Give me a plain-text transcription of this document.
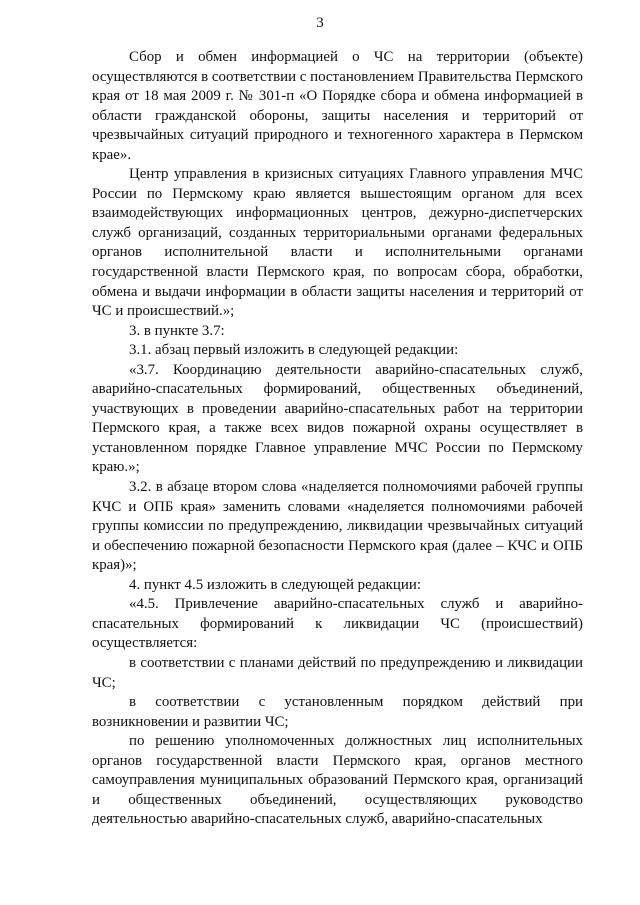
3

Сбор и обмен информацией о ЧС на территории (объекте) осуществляются в соответствии с постановлением Правительства Пермского края от 18 мая 2009 г. № 301-п «О Порядке сбора и обмена информацией в области гражданской обороны, защиты населения и территорий от чрезвычайных ситуаций природного и техногенного характера в Пермском крае».

Центр управления в кризисных ситуациях Главного управления МЧС России по Пермскому краю является вышестоящим органом для всех взаимодействующих информационных центров, дежурно-диспетчерских служб организаций, созданных территориальными органами федеральных органов исполнительной власти и исполнительными органами государственной власти Пермского края, по вопросам сбора, обработки, обмена и выдачи информации в области защиты населения и территорий от ЧС и происшествий.»;

3. в пункте 3.7:

3.1. абзац первый изложить в следующей редакции:

«3.7. Координацию деятельности аварийно-спасательных служб, аварийно-спасательных формирований, общественных объединений, участвующих в проведении аварийно-спасательных работ на территории Пермского края, а также всех видов пожарной охраны осуществляет в установленном порядке Главное управление МЧС России по Пермскому краю.»;

3.2. в абзаце втором слова «наделяется полномочиями рабочей группы КЧС и ОПБ края» заменить словами «наделяется полномочиями рабочей группы комиссии по предупреждению, ликвидации чрезвычайных ситуаций и обеспечению пожарной безопасности Пермского края (далее – КЧС и ОПБ края)»;

4. пункт 4.5 изложить в следующей редакции:

«4.5. Привлечение аварийно-спасательных служб и аварийно-спасательных формирований к ликвидации ЧС (происшествий) осуществляется:

в соответствии с планами действий по предупреждению и ликвидации ЧС;

в соответствии с установленным порядком действий при возникновении и развитии ЧС;

по решению уполномоченных должностных лиц исполнительных органов государственной власти Пермского края, органов местного самоуправления муниципальных образований Пермского края, организаций и общественных объединений, осуществляющих руководство деятельностью аварийно-спасательных служб, аварийно-спасательных
